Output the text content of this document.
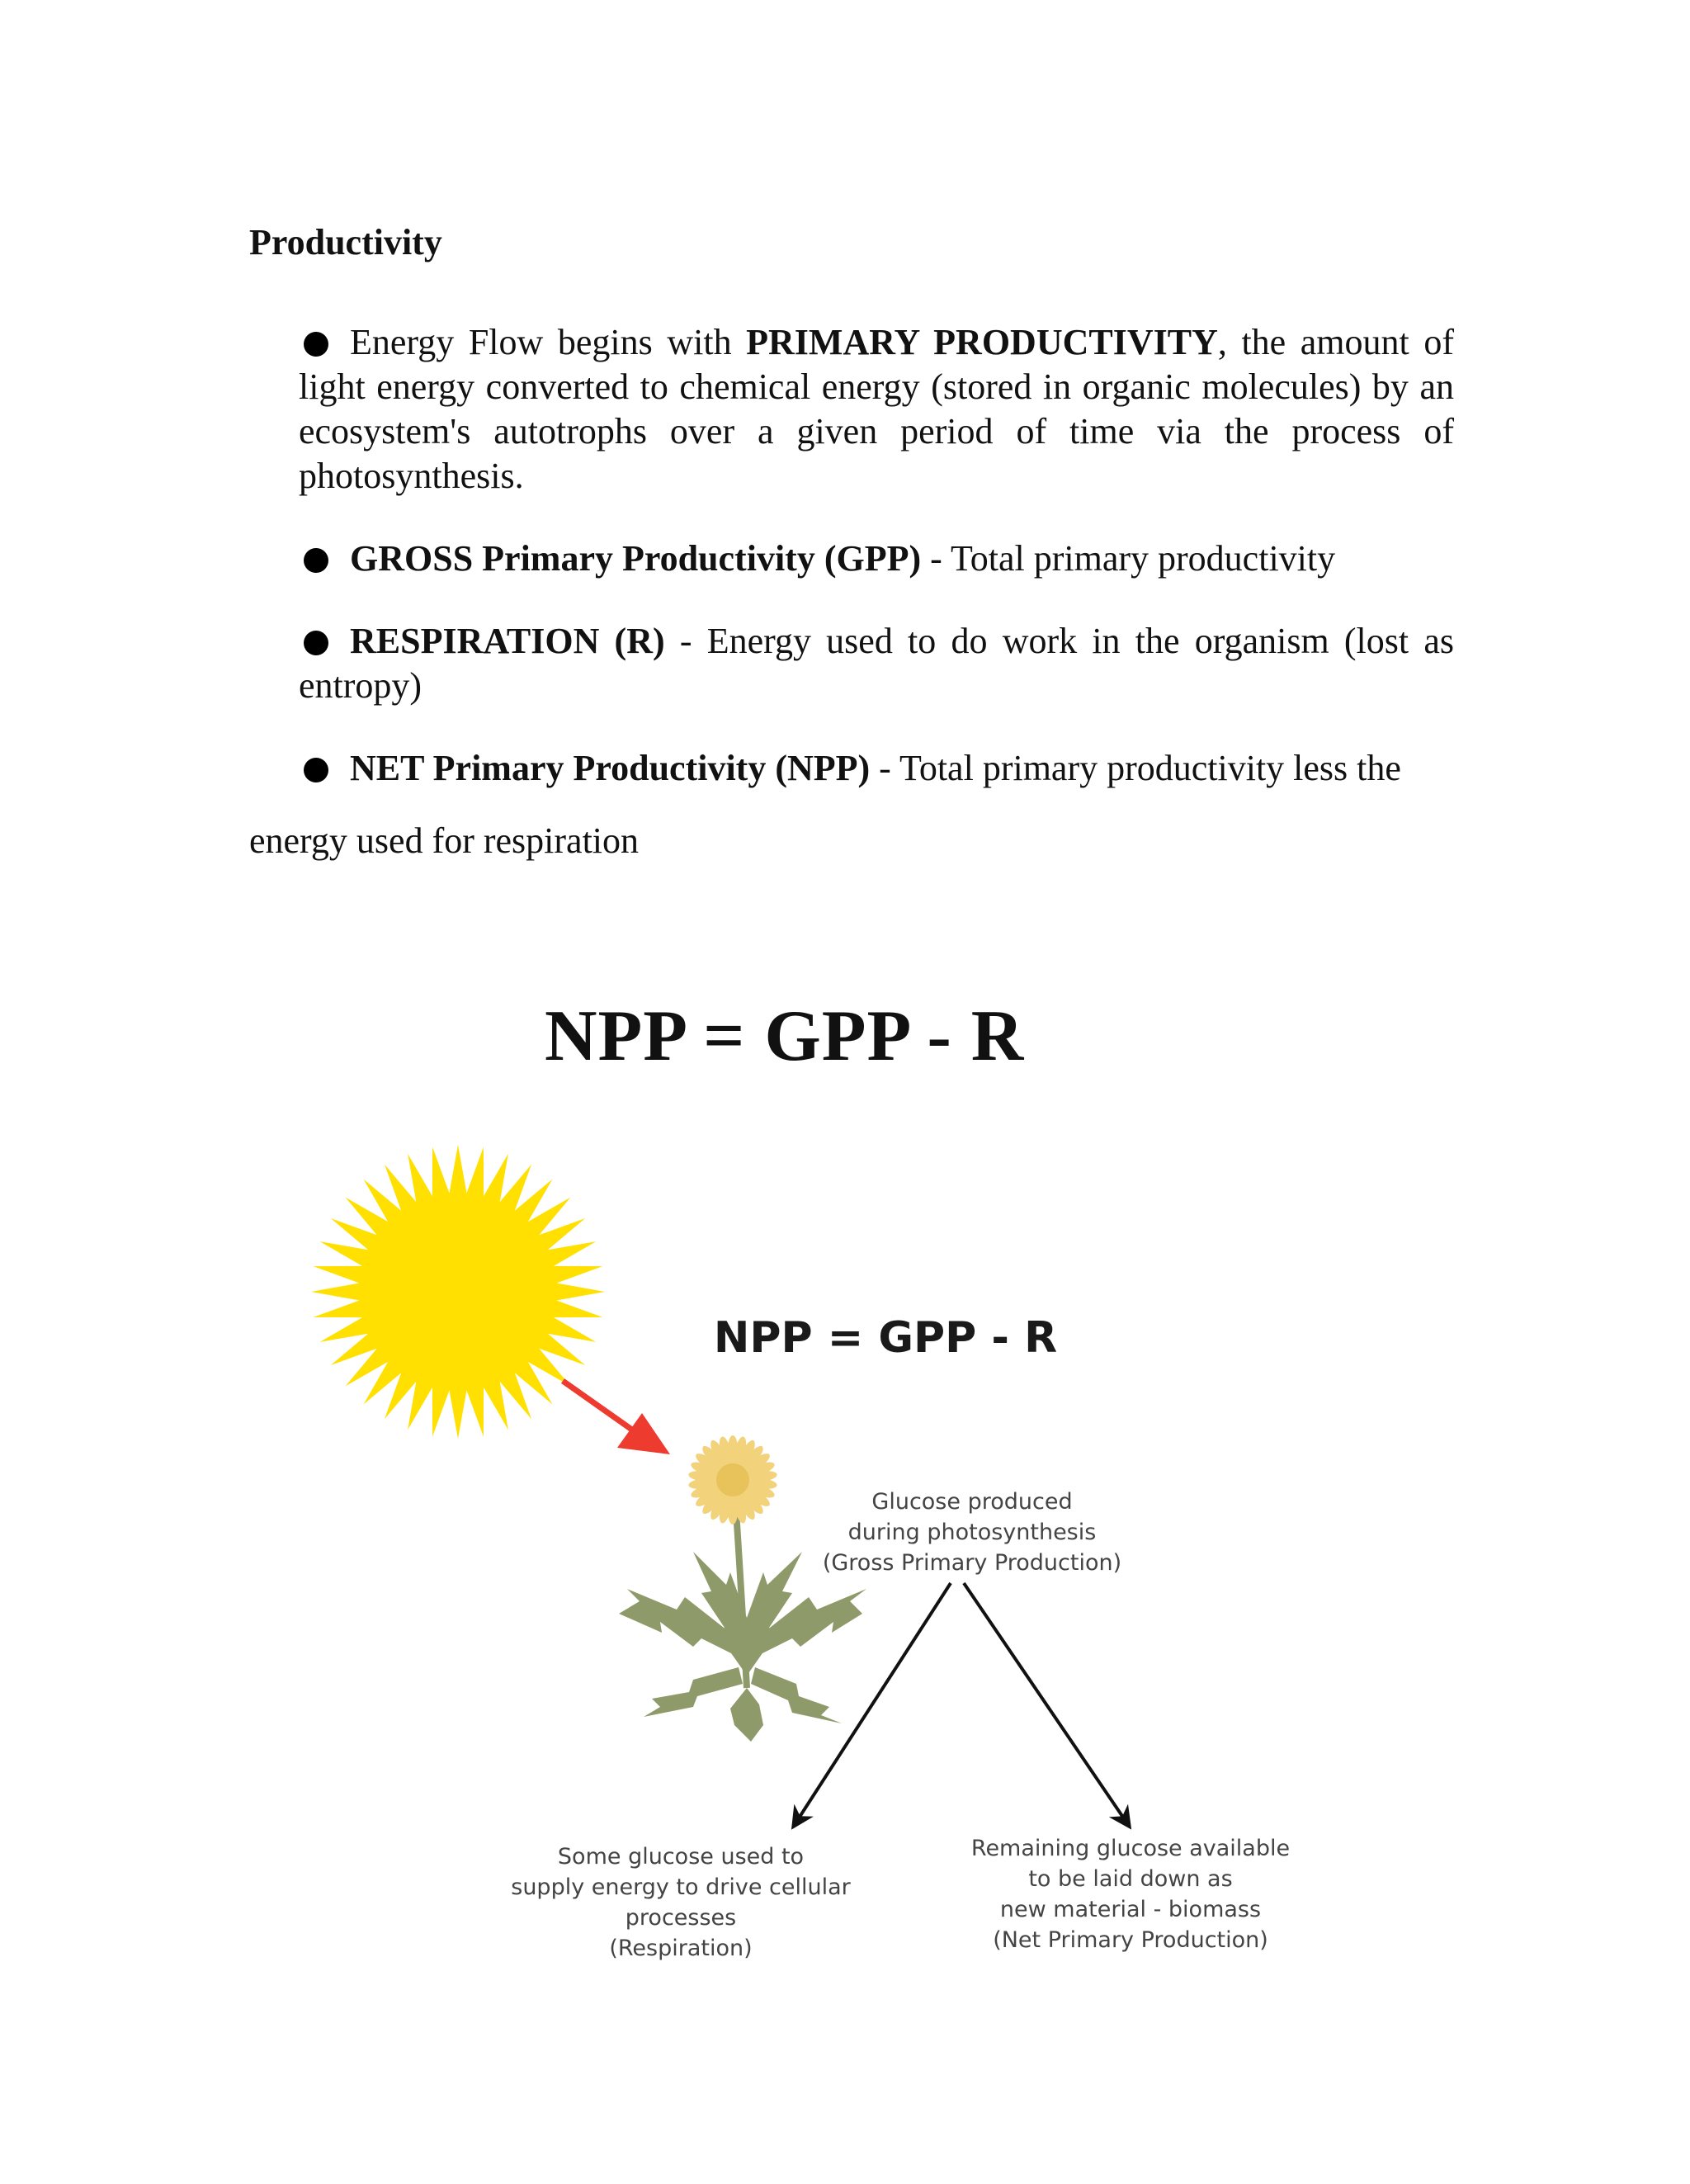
Productivity

Energy Flow begins with PRIMARY PRODUCTIVITY, the amount of light energy converted to chemical energy (stored in organic molecules) by an ecosystem's autotrophs over a given period of time via the process of photosynthesis.

GROSS Primary Productivity (GPP) - Total primary productivity

RESPIRATION (R) - Energy used to do work in the organism (lost as entropy)

NET Primary Productivity (NPP) - Total primary productivity less the

energy used for respiration
NPP = GPP - R
NPP = GPP - R
Glucose produced
during photosynthesis
(Gross Primary Production)
Some glucose used to
supply energy to drive cellular
processes
(Respiration)
Remaining glucose available
to be laid down as
new material - biomass
(Net Primary Production)
